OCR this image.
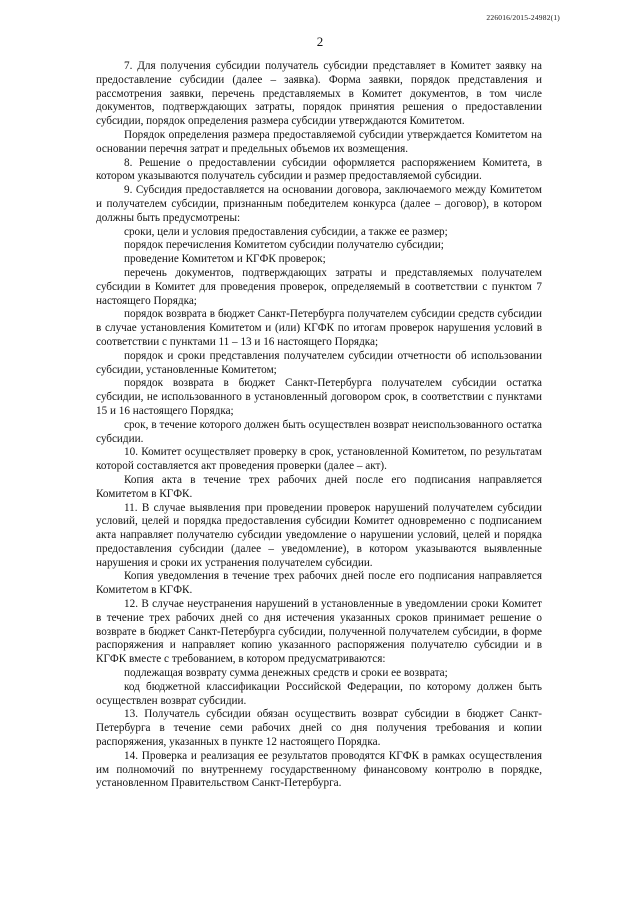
226016/2015-24982(1)
2

7. Для получения субсидии получатель субсидии представляет в Комитет заявку на предоставление субсидии (далее – заявка). Форма заявки, порядок представления и рассмотрения заявки, перечень представляемых в Комитет документов, в том числе документов, подтверждающих затраты, порядок принятия решения о предоставлении субсидии, порядок определения размера субсидии утверждаются Комитетом.

Порядок определения размера предоставляемой субсидии утверждается Комитетом на основании перечня затрат и предельных объемов их возмещения.

8. Решение о предоставлении субсидии оформляется распоряжением Комитета, в котором указываются получатель субсидии и размер предоставляемой субсидии.

9. Субсидия предоставляется на основании договора, заключаемого между Комитетом и получателем субсидии, признанным победителем конкурса (далее – договор), в котором должны быть предусмотрены:

сроки, цели и условия предоставления субсидии, а также ее размер;

порядок перечисления Комитетом субсидии получателю субсидии;

проведение Комитетом и КГФК проверок;

перечень документов, подтверждающих затраты и представляемых получателем субсидии в Комитет для проведения проверок, определяемый в соответствии с пунктом 7 настоящего Порядка;

порядок возврата в бюджет Санкт-Петербурга получателем субсидии средств субсидии в случае установления Комитетом и (или) КГФК по итогам проверок нарушения условий в соответствии с пунктами 11 – 13 и 16 настоящего Порядка;

порядок и сроки представления получателем субсидии отчетности об использовании субсидии, установленные Комитетом;

порядок возврата в бюджет Санкт-Петербурга получателем субсидии остатка субсидии, не использованного в установленный договором срок, в соответствии с пунктами 15 и 16 настоящего Порядка;

срок, в течение которого должен быть осуществлен возврат неиспользованного остатка субсидии.

10. Комитет осуществляет проверку в срок, установленной Комитетом, по результатам которой составляется акт проведения проверки (далее – акт).

Копия акта в течение трех рабочих дней после его подписания направляется Комитетом в КГФК.

11. В случае выявления при проведении проверок нарушений получателем субсидии условий, целей и порядка предоставления субсидии Комитет одновременно с подписанием акта направляет получателю субсидии уведомление о нарушении условий, целей и порядка предоставления субсидии (далее – уведомление), в котором указываются выявленные нарушения и сроки их устранения получателем субсидии.

Копия уведомления в течение трех рабочих дней после его подписания направляется Комитетом в КГФК.

12. В случае неустранения нарушений в установленные в уведомлении сроки Комитет в течение трех рабочих дней со дня истечения указанных сроков принимает решение о возврате в бюджет Санкт-Петербурга субсидии, полученной получателем субсидии, в форме распоряжения и направляет копию указанного распоряжения получателю субсидии и в КГФК вместе с требованием, в котором предусматриваются:

подлежащая возврату сумма денежных средств и сроки ее возврата;

код бюджетной классификации Российской Федерации, по которому должен быть осуществлен возврат субсидии.

13. Получатель субсидии обязан осуществить возврат субсидии в бюджет Санкт-Петербурга в течение семи рабочих дней со дня получения требования и копии распоряжения, указанных в пункте 12 настоящего Порядка.

14. Проверка и реализация ее результатов проводятся КГФК в рамках осуществления им полномочий по внутреннему государственному финансовому контролю в порядке, установленном Правительством Санкт-Петербурга.
